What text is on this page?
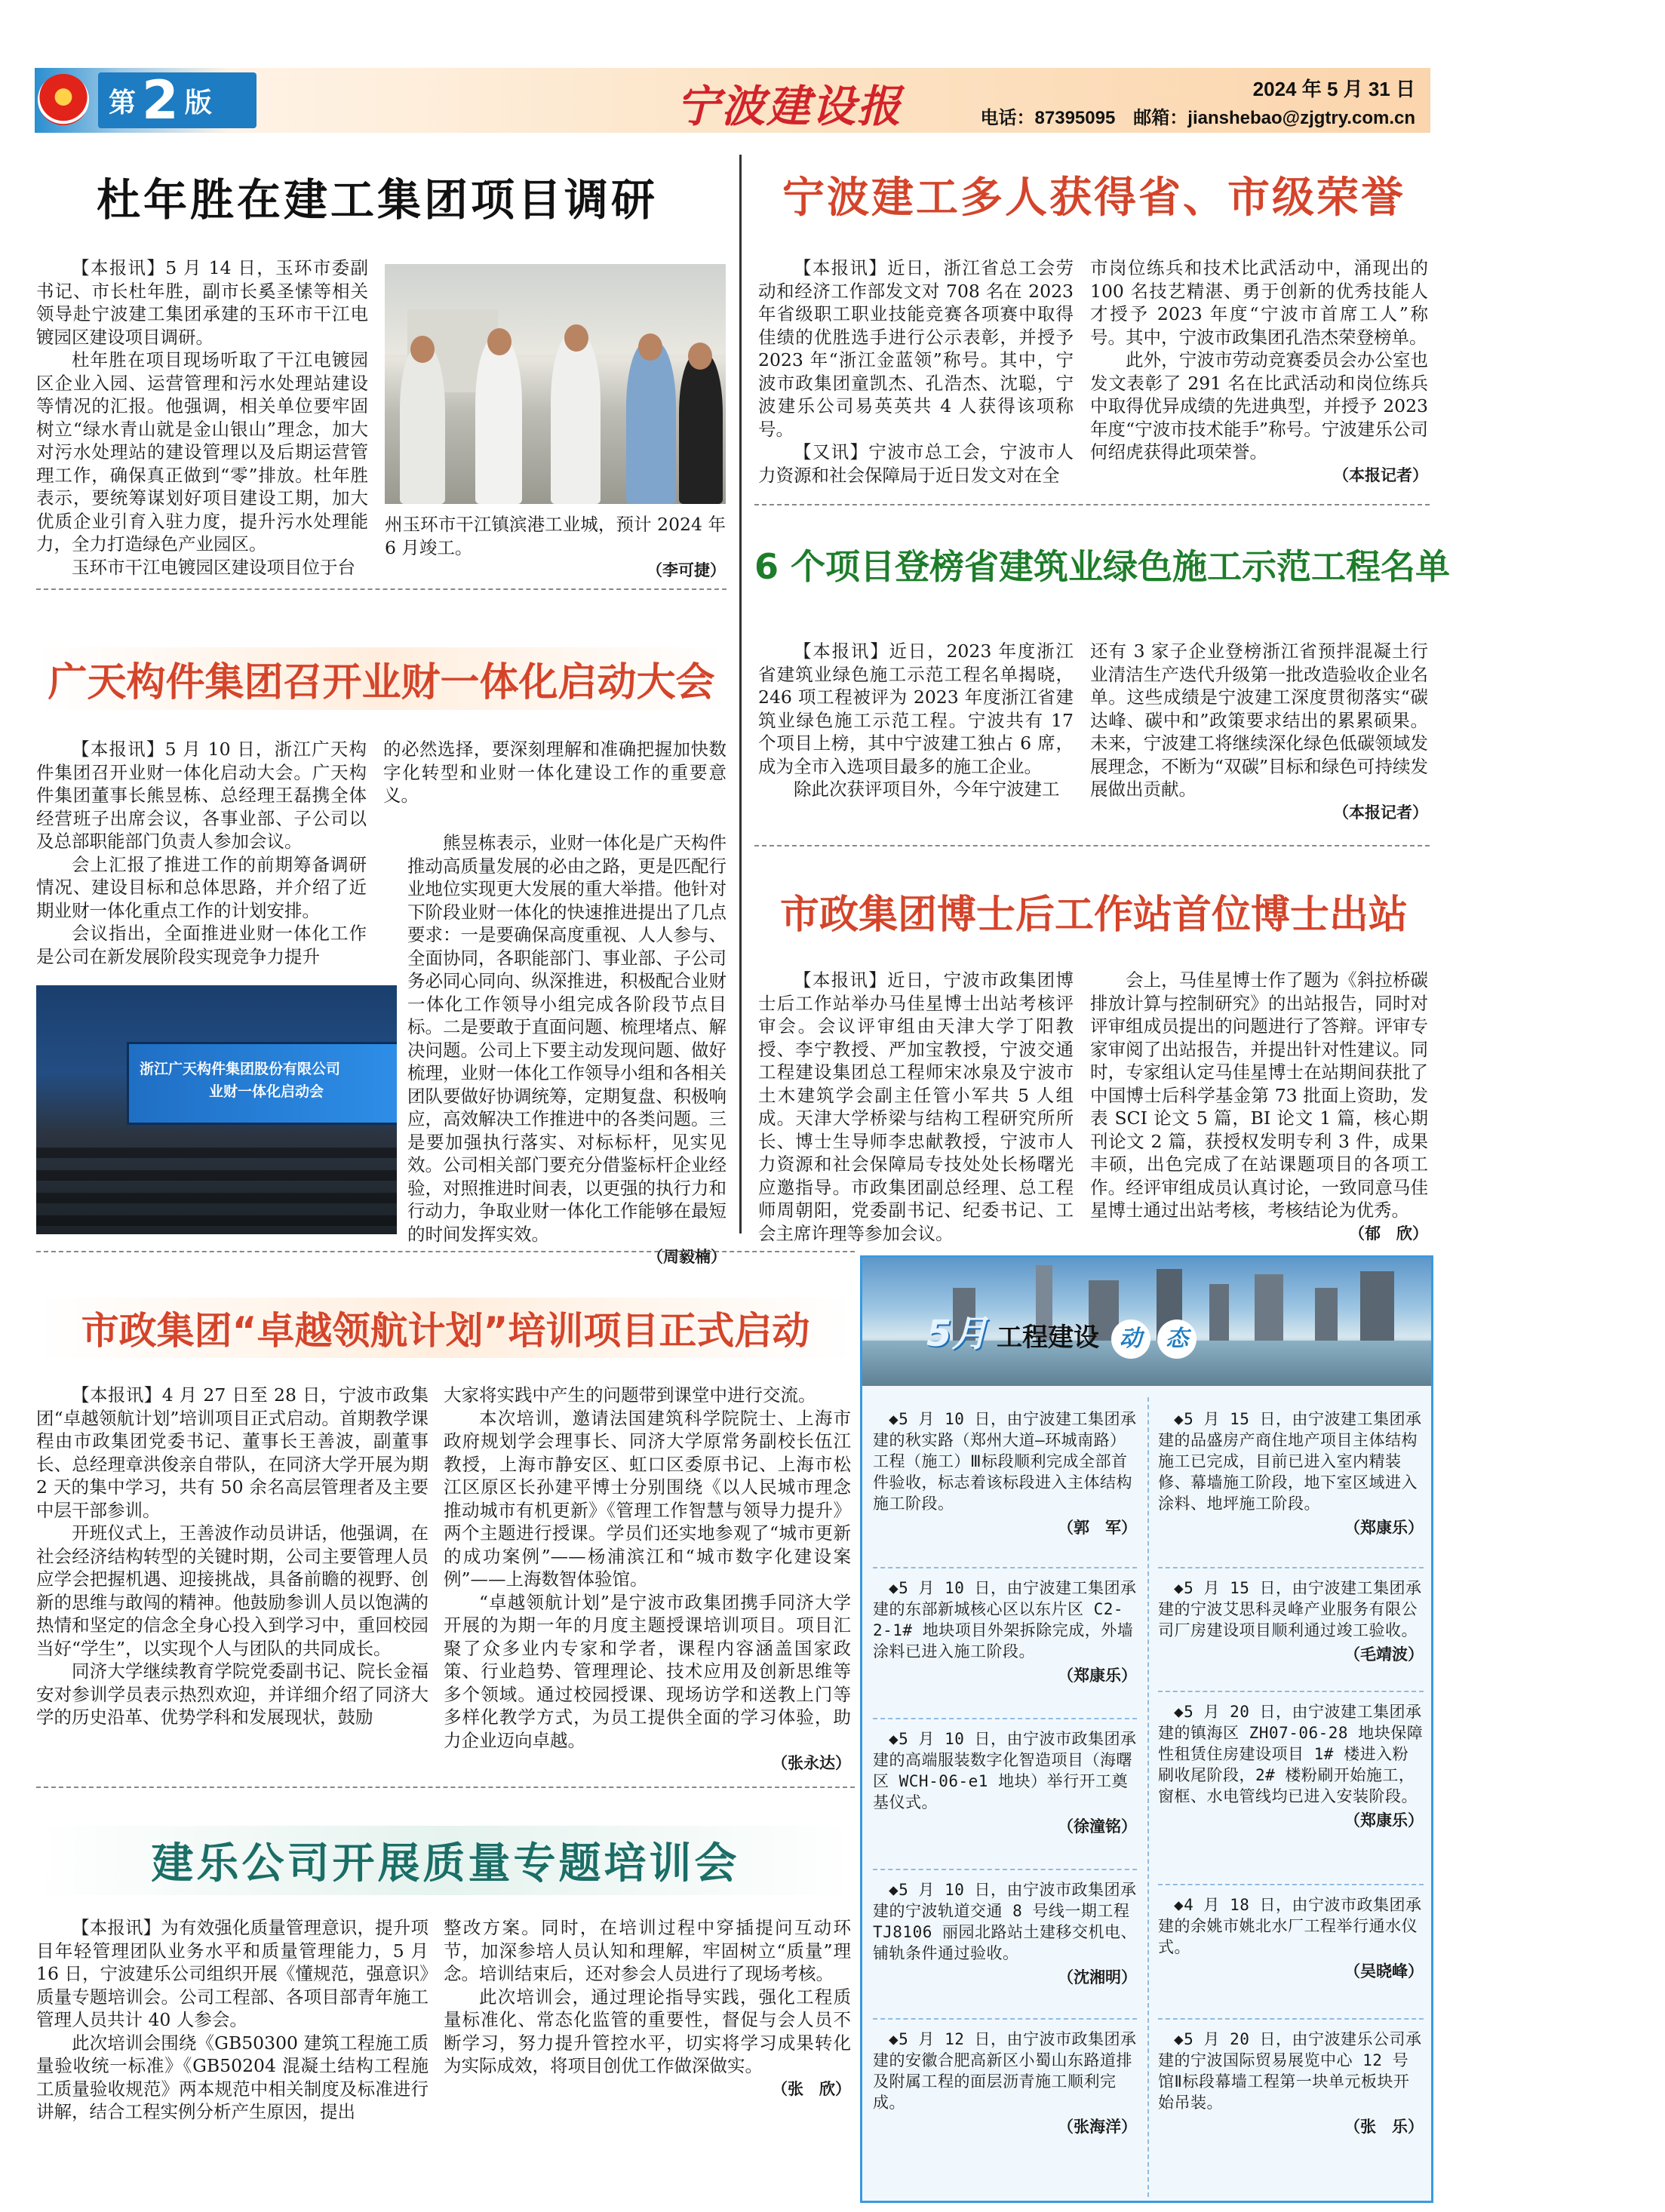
第 2 版	宁波建设报	2024 年 5 月 31 日
电话：87395095　邮箱：jianshebao@zjgtry.com.cn
杜年胜在建工集团项目调研

【本报讯】5 月 14 日，玉环市委副书记、市长杜年胜，副市长奚圣愫等相关领导赴宁波建工集团承建的玉环市干江电镀园区建设项目调研。

杜年胜在项目现场听取了干江电镀园区企业入园、运营管理和污水处理站建设等情况的汇报。他强调，相关单位要牢固树立“绿水青山就是金山银山”理念，加大对污水处理站的建设管理以及后期运营管理工作，确保真正做到“零”排放。杜年胜表示，要统筹谋划好项目建设工期，加大优质企业引育入驻力度，提升污水处理能力，全力打造绿色产业园区。

玉环市干江电镀园区建设项目位于台

州玉环市干江镇滨港工业城，预计 2024 年 6 月竣工。

（李可捷）

宁波建工多人获得省、市级荣誉

【本报讯】近日，浙江省总工会劳动和经济工作部发文对 708 名在 2023 年省级职工职业技能竞赛各项赛中取得佳绩的优胜选手进行公示表彰，并授予 2023 年“浙江金蓝领”称号。其中，宁波市政集团童凯杰、孔浩杰、沈聪，宁波建乐公司易英英共 4 人获得该项称号。

【又讯】宁波市总工会，宁波市人力资源和社会保障局于近日发文对在全

市岗位练兵和技术比武活动中，涌现出的 100 名技艺精湛、勇于创新的优秀技能人才授予 2023 年度“宁波市首席工人”称号。其中，宁波市政集团孔浩杰荣登榜单。

此外，宁波市劳动竞赛委员会办公室也发文表彰了 291 名在比武活动和岗位练兵中取得优异成绩的先进典型，并授予 2023 年度“宁波市技术能手”称号。宁波建乐公司何绍虎获得此项荣誉。

（本报记者）

6 个项目登榜省建筑业绿色施工示范工程名单

【本报讯】近日，2023 年度浙江省建筑业绿色施工示范工程名单揭晓，246 项工程被评为 2023 年度浙江省建筑业绿色施工示范工程。宁波共有 17 个项目上榜，其中宁波建工独占 6 席，成为全市入选项目最多的施工企业。

除此次获评项目外，今年宁波建工

还有 3 家子企业登榜浙江省预拌混凝土行业清洁生产迭代升级第一批改造验收企业名单。这些成绩是宁波建工深度贯彻落实“碳达峰、碳中和”政策要求结出的累累硕果。未来，宁波建工将继续深化绿色低碳领域发展理念，不断为“双碳”目标和绿色可持续发展做出贡献。

（本报记者）

广天构件集团召开业财一体化启动大会

【本报讯】5 月 10 日，浙江广天构件集团召开业财一体化启动大会。广天构件集团董事长熊昱栋、总经理王磊携全体经营班子出席会议，各事业部、子公司以及总部职能部门负责人参加会议。

会上汇报了推进工作的前期筹备调研情况、建设目标和总体思路，并介绍了近期业财一体化重点工作的计划安排。

会议指出，全面推进业财一体化工作是公司在新发展阶段实现竞争力提升

浙江广天构件集团股份有限公司
业财一体化启动会

的必然选择，要深刻理解和准确把握加快数字化转型和业财一体化建设工作的重要意义。

熊昱栋表示，业财一体化是广天构件推动高质量发展的必由之路，更是匹配行业地位实现更大发展的重大举措。他针对下阶段业财一体化的快速推进提出了几点要求：一是要确保高度重视、人人参与、全面协同，各职能部门、事业部、子公司务必同心同向、纵深推进，积极配合业财一体化工作领导小组完成各阶段节点目标。二是要敢于直面问题、梳理堵点、解决问题。公司上下要主动发现问题、做好梳理，业财一体化工作领导小组和各相关团队要做好协调统筹，定期复盘、积极响应，高效解决工作推进中的各类问题。三是要加强执行落实、对标标杆，见实见效。公司相关部门要充分借鉴标杆企业经验，对照推进时间表，以更强的执行力和行动力，争取业财一体化工作能够在最短的时间发挥实效。

（周毅楠）

市政集团博士后工作站首位博士出站

【本报讯】近日，宁波市政集团博士后工作站举办马佳星博士出站考核评审会。会议评审组由天津大学丁阳教授、李宁教授、严加宝教授，宁波交通工程建设集团总工程师宋冰泉及宁波市土木建筑学会副主任管小军共 5 人组成。天津大学桥梁与结构工程研究所所长、博士生导师李忠献教授，宁波市人力资源和社会保障局专技处处长杨曙光应邀指导。市政集团副总经理、总工程师周朝阳，党委副书记、纪委书记、工会主席许理等参加会议。

会上，马佳星博士作了题为《斜拉桥碳排放计算与控制研究》的出站报告，同时对评审组成员提出的问题进行了答辩。评审专家审阅了出站报告，并提出针对性建议。同时，专家组认定马佳星博士在站期间获批了中国博士后科学基金第 73 批面上资助，发表 SCI 论文 5 篇，BI 论文 1 篇，核心期刊论文 2 篇，获授权发明专利 3 件，成果丰硕，出色完成了在站课题项目的各项工作。经评审组成员认真讨论，一致同意马佳星博士通过出站考核，考核结论为优秀。

（郁　欣）

市政集团“卓越领航计划”培训项目正式启动

【本报讯】4 月 27 日至 28 日，宁波市政集团“卓越领航计划”培训项目正式启动。首期教学课程由市政集团党委书记、董事长王善波，副董事长、总经理章洪俊亲自带队，在同济大学开展为期 2 天的集中学习，共有 50 余名高层管理者及主要中层干部参训。

开班仪式上，王善波作动员讲话，他强调，在社会经济结构转型的关键时期，公司主要管理人员应学会把握机遇、迎接挑战，具备前瞻的视野、创新的思维与敢闯的精神。他鼓励参训人员以饱满的热情和坚定的信念全身心投入到学习中，重回校园当好“学生”，以实现个人与团队的共同成长。

同济大学继续教育学院党委副书记、院长金福安对参训学员表示热烈欢迎，并详细介绍了同济大学的历史沿革、优势学科和发展现状，鼓励

大家将实践中产生的问题带到课堂中进行交流。

本次培训，邀请法国建筑科学院院士、上海市政府规划学会理事长、同济大学原常务副校长伍江教授，上海市静安区、虹口区委原书记、上海市松江区原区长孙建平博士分别围绕《以人民城市理念推动城市有机更新》《管理工作智慧与领导力提升》两个主题进行授课。学员们还实地参观了“城市更新的成功案例”——杨浦滨江和“城市数字化建设案例”——上海数智体验馆。

“卓越领航计划”是宁波市政集团携手同济大学开展的为期一年的月度主题授课培训项目。项目汇聚了众多业内专家和学者，课程内容涵盖国家政策、行业趋势、管理理论、技术应用及创新思维等多个领域。通过校园授课、现场访学和送教上门等多样化教学方式，为员工提供全面的学习体验，助力企业迈向卓越。

（张永达）

建乐公司开展质量专题培训会

【本报讯】为有效强化质量管理意识，提升项目年轻管理团队业务水平和质量管理能力，5 月 16 日，宁波建乐公司组织开展《懂规范，强意识》质量专题培训会。公司工程部、各项目部青年施工管理人员共计 40 人参会。

此次培训会围绕《GB50300 建筑工程施工质量验收统一标准》《GB50204 混凝土结构工程施工质量验收规范》两本规范中相关制度及标准进行讲解，结合工程实例分析产生原因，提出

整改方案。同时，在培训过程中穿插提问互动环节，加深参培人员认知和理解，牢固树立“质量”理念。培训结束后，还对参会人员进行了现场考核。

此次培训会，通过理论指导实践，强化工程质量标准化、常态化监管的重要性，督促与会人员不断学习，努力提升管控水平，切实将学习成果转化为实际成效，将项目创优工作做深做实。

（张　欣）

5月 工程建设 动 态
◆5 月 10 日，由宁波建工集团承建的秋实路（郑州大道—环城南路）工程（施工）Ⅲ标段顺利完成全部首件验收，标志着该标段进入主体结构施工阶段。
（郭　军）
◆5 月 10 日，由宁波建工集团承建的东部新城核心区以东片区 C2-2-1# 地块项目外架拆除完成，外墙涂料已进入施工阶段。
（郑康乐）
◆5 月 10 日，由宁波市政集团承建的高端服装数字化智造项目（海曙区 WCH-06-e1 地块）举行开工奠基仪式。
（徐潼铭）
◆5 月 10 日，由宁波市政集团承建的宁波轨道交通 8 号线一期工程 TJ8106 丽园北路站土建移交机电、铺轨条件通过验收。
（沈湘明）
◆5 月 12 日，由宁波市政集团承建的安徽合肥高新区小蜀山东路道排及附属工程的面层沥青施工顺利完成。
（张海洋）
◆5 月 15 日，由宁波建工集团承建的品盛房产商住地产项目主体结构施工已完成，目前已进入室内精装修、幕墙施工阶段，地下室区域进入涂料、地坪施工阶段。
（郑康乐）
◆5 月 15 日，由宁波建工集团承建的宁波艾思科灵峰产业服务有限公司厂房建设项目顺利通过竣工验收。
（毛靖波）
◆5 月 20 日，由宁波建工集团承建的镇海区 ZH07-06-28 地块保障性租赁住房建设项目 1# 楼进入粉刷收尾阶段，2# 楼粉刷开始施工，窗框、水电管线均已进入安装阶段。
（郑康乐）
◆4 月 18 日，由宁波市政集团承建的余姚市姚北水厂工程举行通水仪式。
（吴晓峰）
◆5 月 20 日，由宁波建乐公司承建的宁波国际贸易展览中心 12 号馆Ⅱ标段幕墙工程第一块单元板块开始吊装。
（张　乐）
